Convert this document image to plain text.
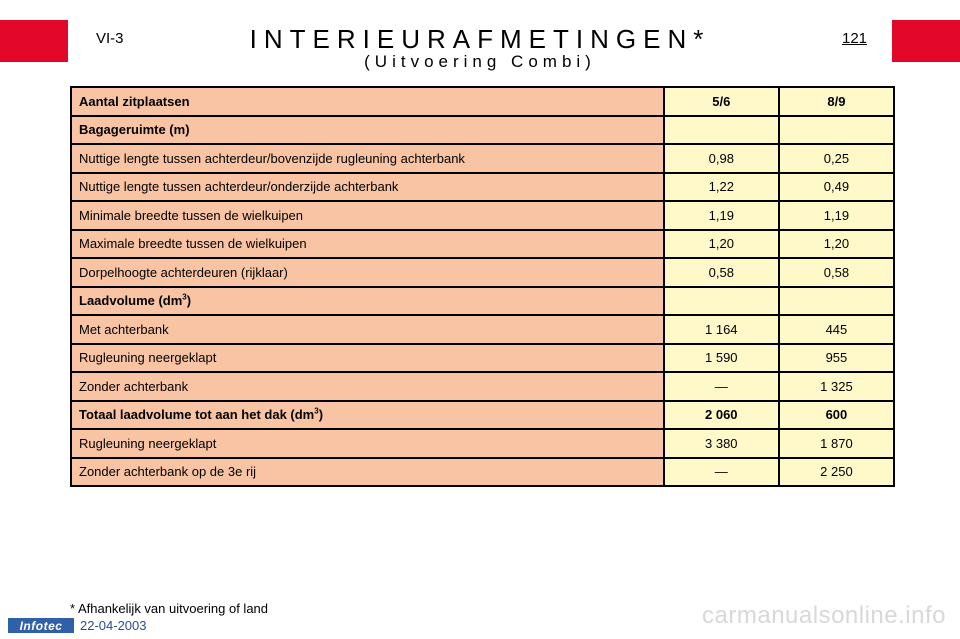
VI-3	INTERIEURAFMETINGEN*
(Uitvoering Combi)
121
Aantal zitplaatsen	5/6	8/9
Bagageruimte (m)		
Nuttige lengte tussen achterdeur/bovenzijde rugleuning achterbank	0,98	0,25
Nuttige lengte tussen achterdeur/onderzijde achterbank	1,22	0,49
Minimale breedte tussen de wielkuipen	1,19	1,19
Maximale breedte tussen de wielkuipen	1,20	1,20
Dorpelhoogte achterdeuren (rijklaar)	0,58	0,58
Laadvolume $(dm^3)$		
Met achterbank	1 164	445
Rugleuning neergeklapt	1 590	955
Zonder achterbank	—	1 325
Totaal laadvolume tot aan het dak $(dm^3)$	2 060	600
Rugleuning neergeklapt	3 380	1 870
Zonder achterbank op de 3e rij	—	2 250
* Afhankelijk van uitvoering of land
Infotec	22-04-2003	carmanualsonline.info
